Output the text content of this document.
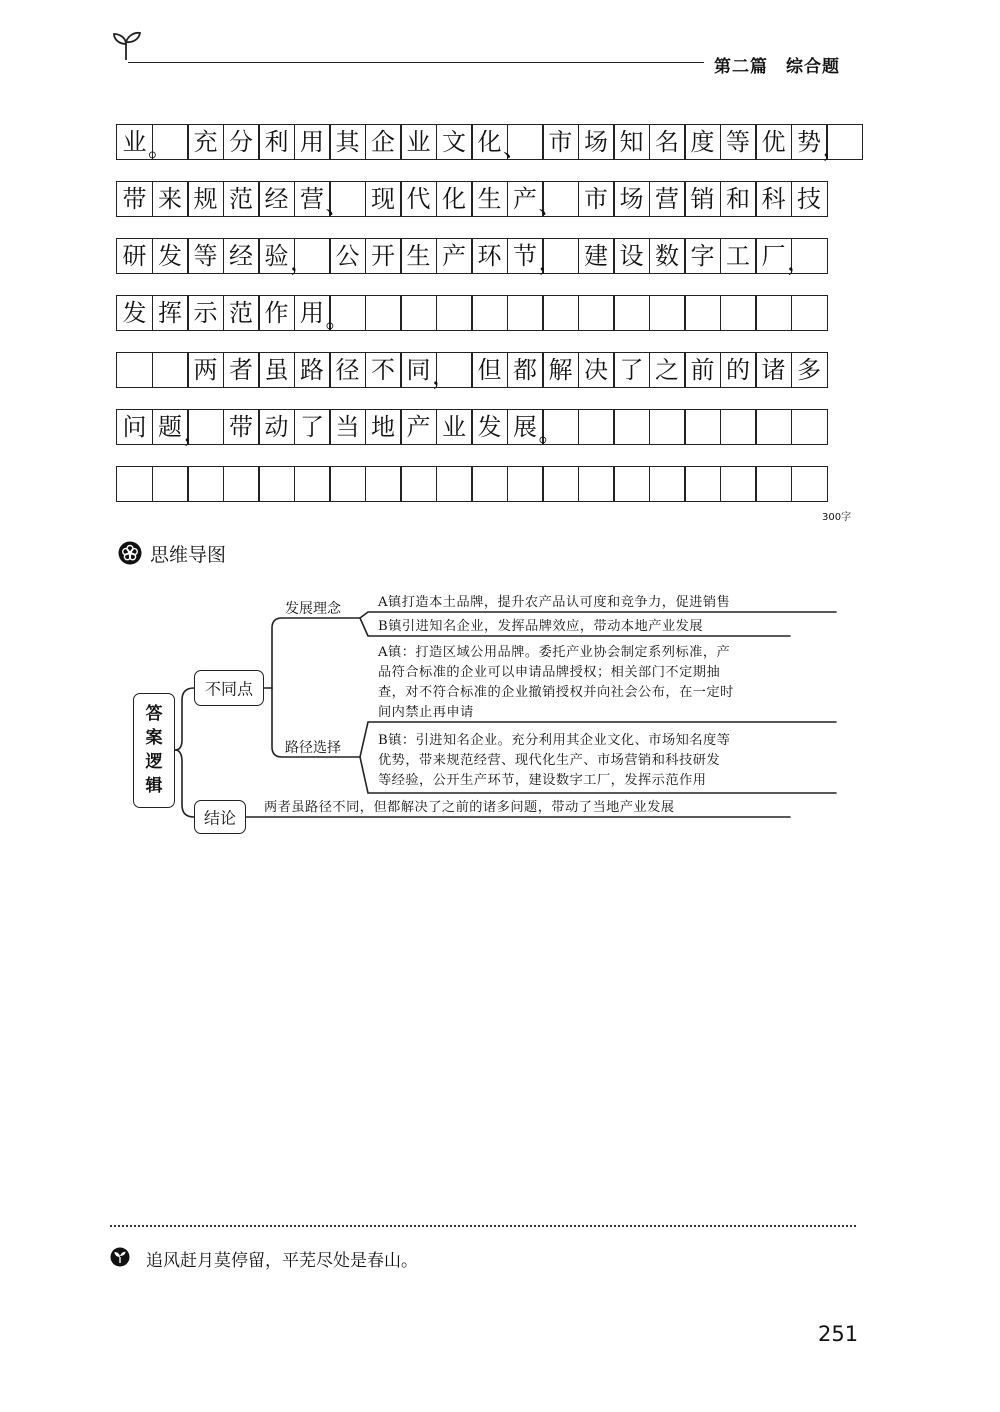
第二篇　综合题
业 。 充 分 利 用 其 企 业 文 化 、 市 场 知 名 度 等 优 势 ，
带 来 规 范 经 营 、 现 代 化 生 产 、 市 场 营 销 和 科 技
研 发 等 经 验 ， 公 开 生 产 环 节 ， 建 设 数 字 工 厂 ，
发 挥 示 范 作 用 。
两 者 虽 路 径 不 同 ， 但 都 解 决 了 之 前 的 诸 多
问 题 ， 带 动 了 当 地 产 业 发 展 。
300字
思维导图
答
案
逻
辑
不同点
结论
发展理念
路径选择
A镇打造本土品牌，提升农产品认可度和竞争力，促进销售
B镇引进知名企业，发挥品牌效应，带动本地产业发展
A镇：打造区域公用品牌。委托产业协会制定系列标准，产
品符合标准的企业可以申请品牌授权；相关部门不定期抽
查，对不符合标准的企业撤销授权并向社会公布，在一定时
间内禁止再申请
B镇：引进知名企业。充分利用其企业文化、市场知名度等
优势，带来规范经营、现代化生产、市场营销和科技研发
等经验，公开生产环节，建设数字工厂，发挥示范作用
两者虽路径不同，但都解决了之前的诸多问题，带动了当地产业发展
追风赶月莫停留，平芜尽处是春山。
251
